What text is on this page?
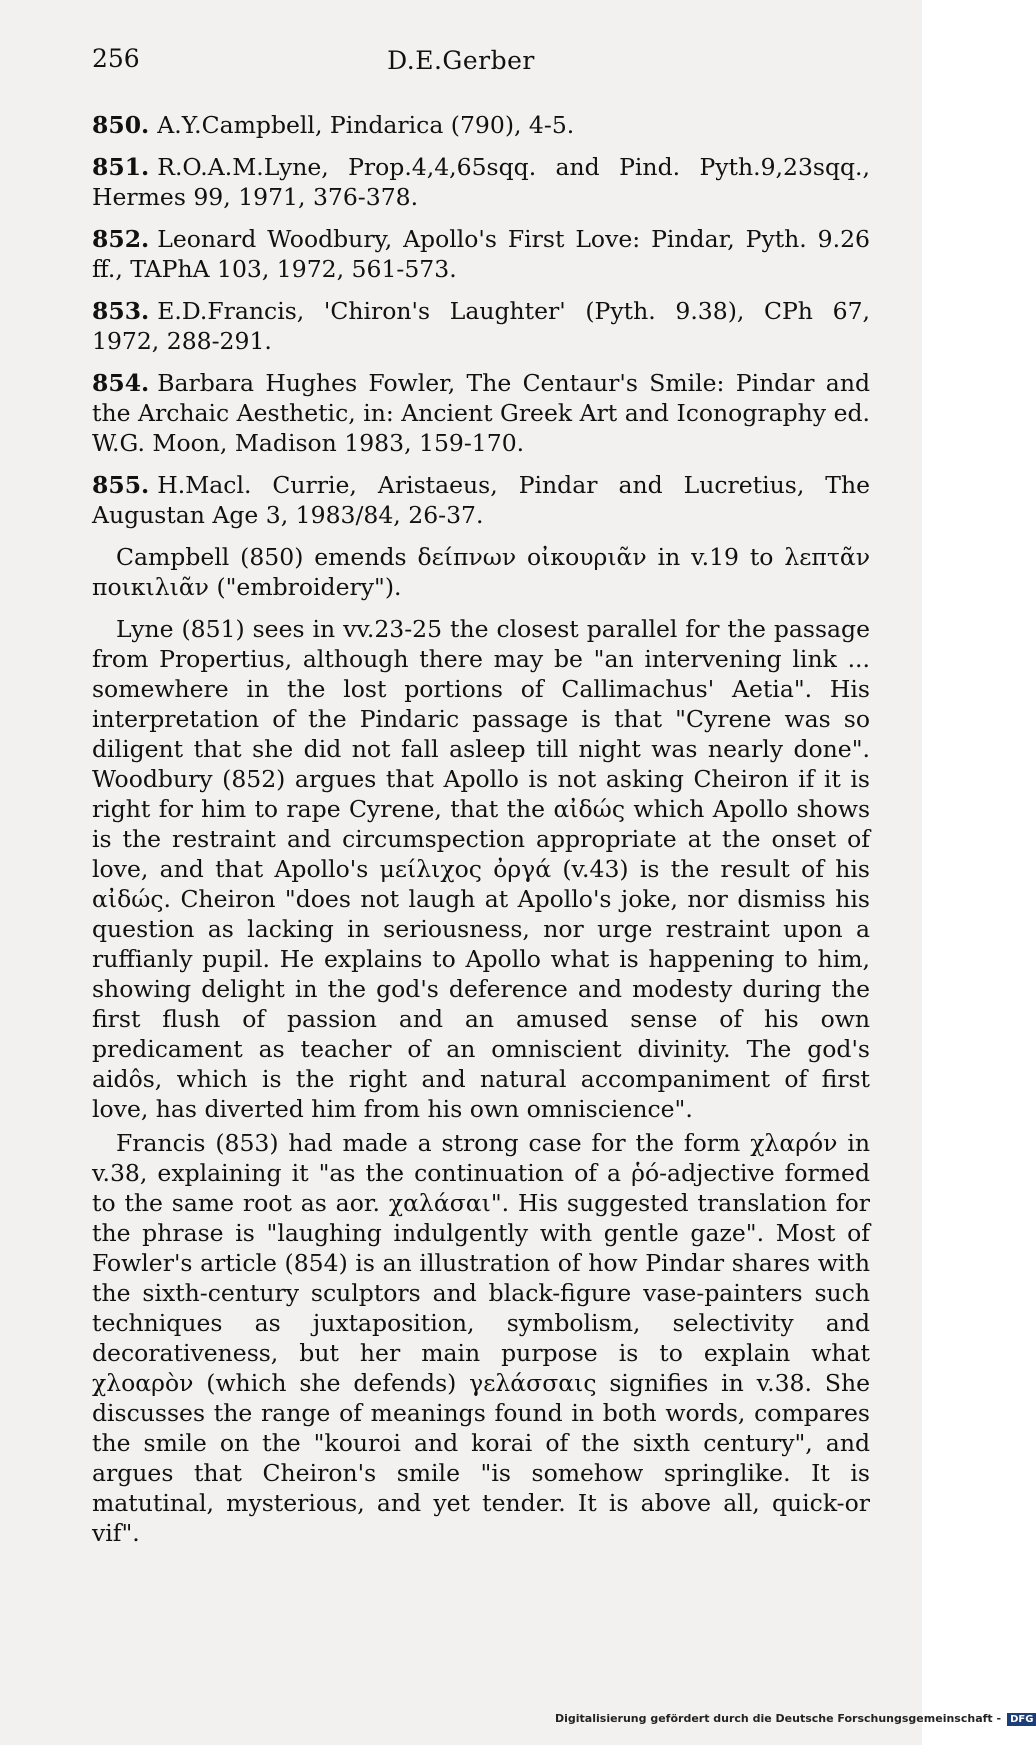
256	D.E.Gerber

850. A.Y.Campbell, Pindarica (790), 4-5.

851. R.O.A.M.Lyne, Prop.4,4,65sqq. and Pind. Pyth.9,23sqq., Hermes 99, 1971, 376-378.

852. Leonard Woodbury, Apollo's First Love: Pindar, Pyth. 9.26 ff., TAPhA 103, 1972, 561-573.

853. E.D.Francis, 'Chiron's Laughter' (Pyth. 9.38), CPh 67, 1972, 288-291.

854. Barbara Hughes Fowler, The Centaur's Smile: Pindar and the Archaic Aesthetic, in: Ancient Greek Art and Iconography ed. W.G. Moon, Madison 1983, 159-170.

855. H.Macl. Currie, Aristaeus, Pindar and Lucretius, The Augustan Age 3, 1983/84, 26-37.

Campbell (850) emends δείπνων οἰκουριᾶν in v.19 to λεπτᾶν ποικιλιᾶν ("embroidery").

Lyne (851) sees in vv.23-25 the closest parallel for the passage from Propertius, although there may be "an intervening link ... somewhere in the lost portions of Callimachus' Aetia". His interpretation of the Pindaric passage is that "Cyrene was so diligent that she did not fall asleep till night was nearly done". Woodbury (852) argues that Apollo is not asking Cheiron if it is right for him to rape Cyrene, that the αἰδώς which Apollo shows is the restraint and circumspection appropriate at the onset of love, and that Apollo's μείλιχος ὀργά (v.43) is the result of his αἰδώς. Cheiron "does not laugh at Apollo's joke, nor dismiss his question as lacking in seriousness, nor urge restraint upon a ruffianly pupil. He explains to Apollo what is happening to him, showing delight in the god's deference and modesty during the first flush of passion and an amused sense of his own predicament as teacher of an omniscient divinity. The god's aidôs, which is the right and natural accompaniment of first love, has diverted him from his own omniscience".

Francis (853) had made a strong case for the form χλαρόν in v.38, explaining it "as the continuation of a ῥό-adjective formed to the same root as aor. χαλάσαι". His suggested translation for the phrase is "laughing indulgently with gentle gaze". Most of Fowler's article (854) is an illustration of how Pindar shares with the sixth-century sculptors and black-figure vase-painters such techniques as juxtaposition, symbolism, selectivity and decorativeness, but her main purpose is to explain what χλοαρὸν (which she defends) γελάσσαις signifies in v.38. She discusses the range of meanings found in both words, compares the smile on the "kouroi and korai of the sixth century", and argues that Cheiron's smile "is somehow springlike. It is matutinal, mysterious, and yet tender. It is above all, quick-or vif".

Digitalisierung gefördert durch die Deutsche Forschungsgemeinschaft - DFG
